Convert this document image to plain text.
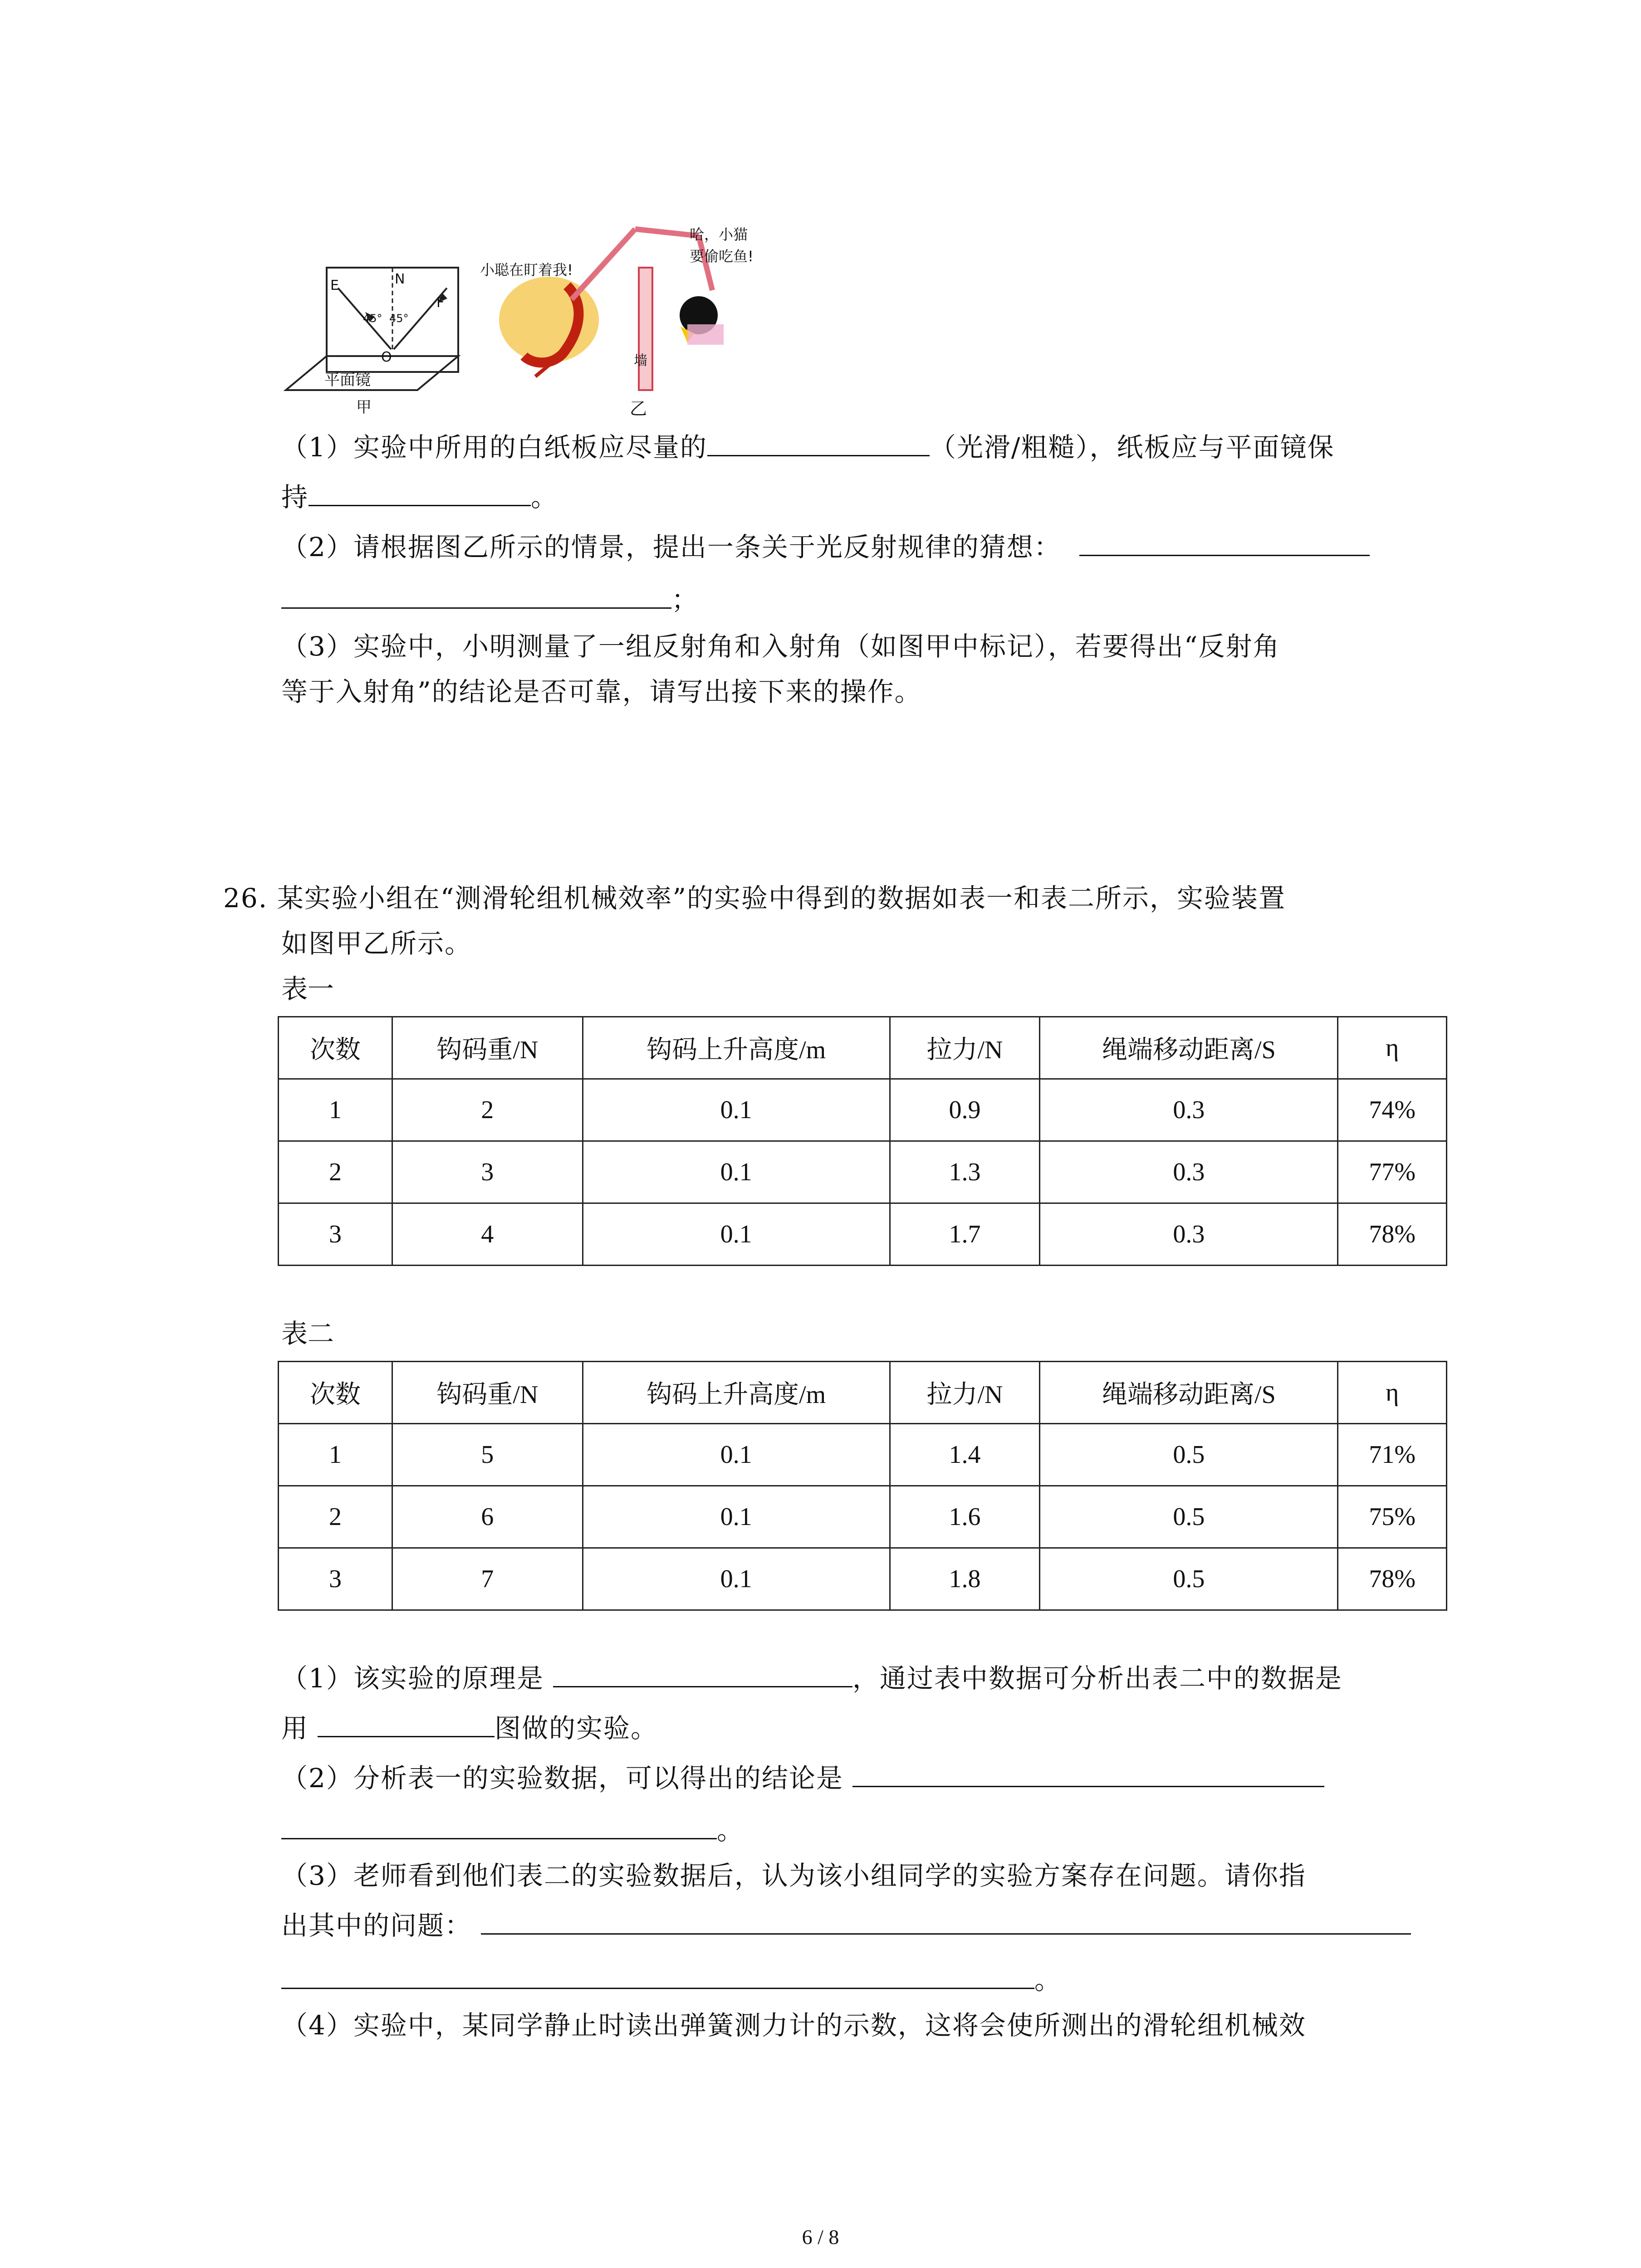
E	N
F
O
45° 45°
平面镜
甲
小聪在盯着我!
哈，小猫
要偷吃鱼!
墙
乙
（1）实验中所用的白纸板应尽量的	（光滑/粗糙），纸板应与平面镜保
持	。
（2）请根据图乙所示的情景，提出一条关于光反射规律的猜想：
；
（3）实验中，小明测量了一组反射角和入射角（如图甲中标记），若要得出“反射角
等于入射角”的结论是否可靠，请写出接下来的操作。
26. 某实验小组在“测滑轮组机械效率”的实验中得到的数据如表一和表二所示，实验装置
如图甲乙所示。
表一
次数	钩码重/N	钩码上升高度/m	拉力/N	绳端移动距离/S	η
1	2	0.1	0.9	0.3	74%
2	3	0.1	1.3	0.3	77%
3	4	0.1	1.7	0.3	78%
表二
次数	钩码重/N	钩码上升高度/m	拉力/N	绳端移动距离/S	η
1	5	0.1	1.4	0.5	71%
2	6	0.1	1.6	0.5	75%
3	7	0.1	1.8	0.5	78%
（1）该实验的原理是	，通过表中数据可分析出表二中的数据是
用	图做的实验。
（2）分析表一的实验数据，可以得出的结论是
。
（3）老师看到他们表二的实验数据后，认为该小组同学的实验方案存在问题。请你指
出其中的问题：
。
（4）实验中，某同学静止时读出弹簧测力计的示数，这将会使所测出的滑轮组机械效
6 / 8
